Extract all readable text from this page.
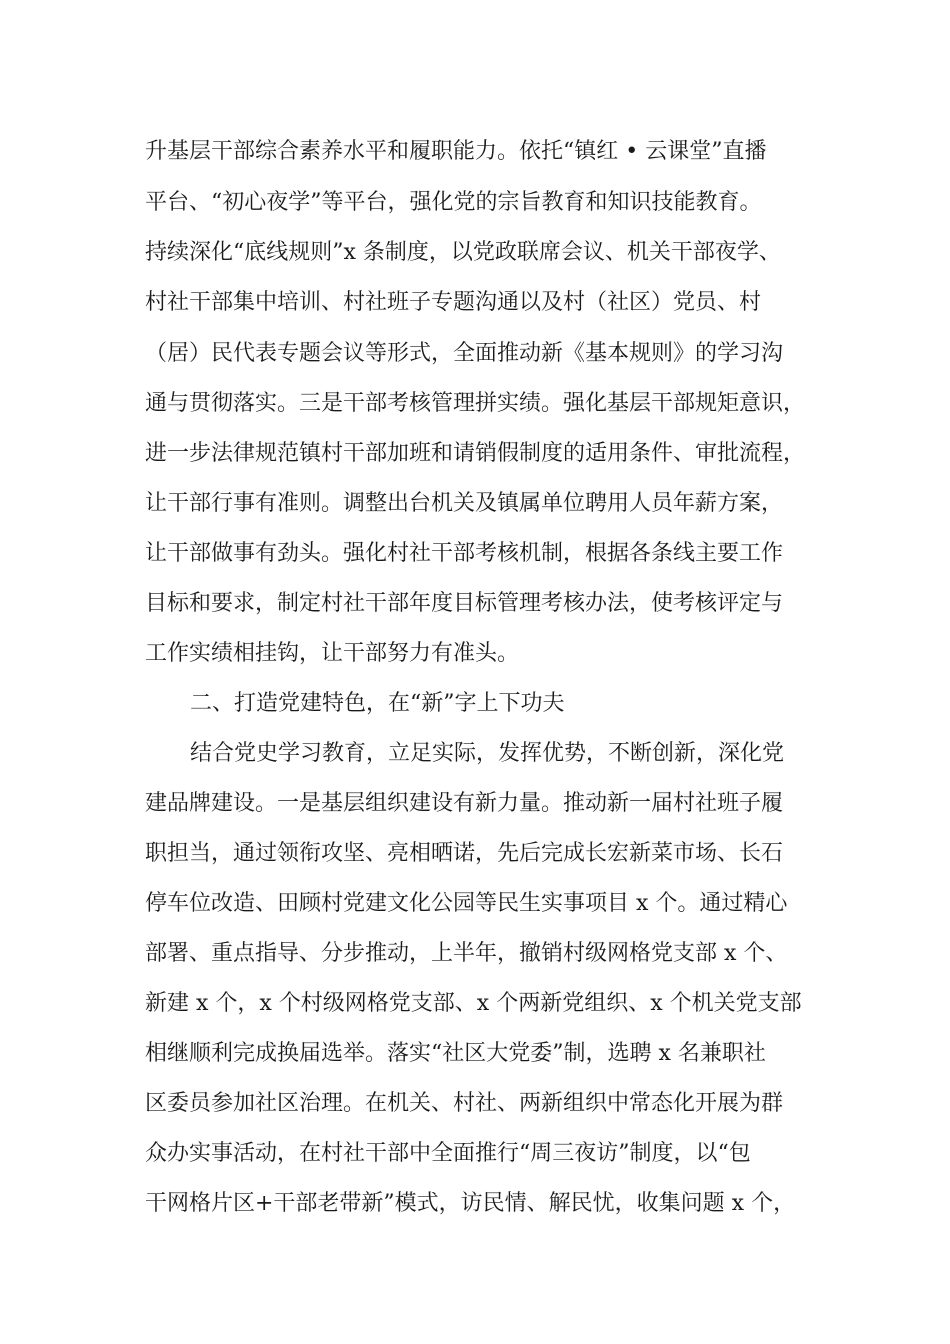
升基层干部综合素养水平和履职能力。依托“镇红 • 云课堂”直播
平台、“初心夜学”等平台，强化党的宗旨教育和知识技能教育。
持续深化“底线规则”x 条制度，以党政联席会议、机关干部夜学、
村社干部集中培训、村社班子专题沟通以及村（社区）党员、村
（居）民代表专题会议等形式，全面推动新《基本规则》的学习沟
通与贯彻落实。三是干部考核管理拼实绩。强化基层干部规矩意识，
进一步法律规范镇村干部加班和请销假制度的适用条件、审批流程，
让干部行事有准则。调整出台机关及镇属单位聘用人员年薪方案，
让干部做事有劲头。强化村社干部考核机制，根据各条线主要工作
目标和要求，制定村社干部年度目标管理考核办法，使考核评定与
工作实绩相挂钩，让干部努力有准头。
二、打造党建特色，在“新”字上下功夫
结合党史学习教育，立足实际，发挥优势，不断创新，深化党
建品牌建设。一是基层组织建设有新力量。推动新一届村社班子履
职担当，通过领衔攻坚、亮相晒诺，先后完成长宏新菜市场、长石
停车位改造、田顾村党建文化公园等民生实事项目 x 个。通过精心
部署、重点指导、分步推动，上半年，撤销村级网格党支部 x 个、
新建 x 个，x 个村级网格党支部、x 个两新党组织、x 个机关党支部
相继顺利完成换届选举。落实“社区大党委”制，选聘 x 名兼职社
区委员参加社区治理。在机关、村社、两新组织中常态化开展为群
众办实事活动，在村社干部中全面推行“周三夜访”制度，以“包
干网格片区+干部老带新”模式，访民情、解民忧，收集问题 x 个，
